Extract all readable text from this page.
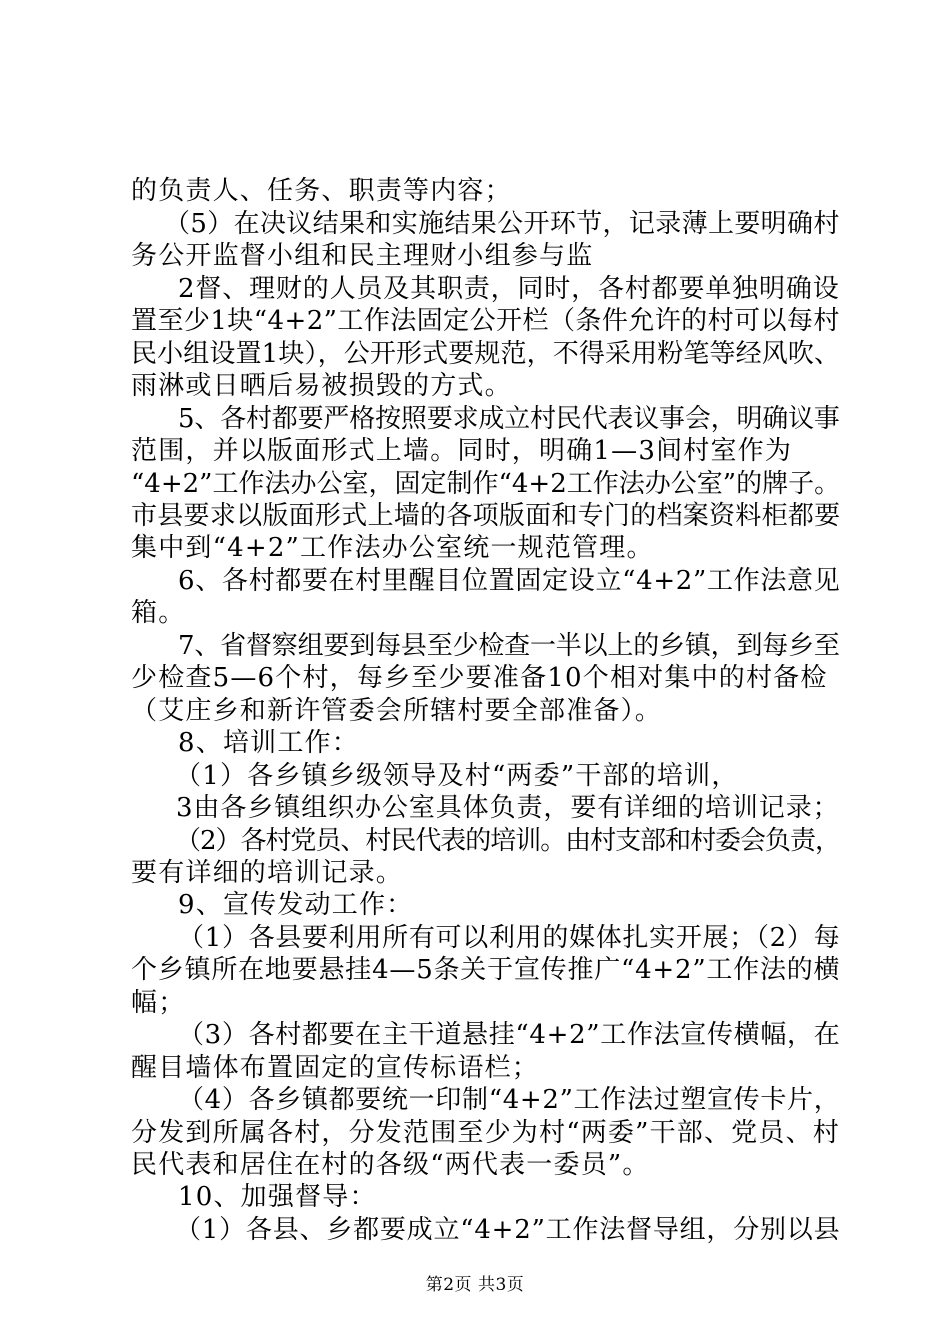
的负责人、任务、职责等内容；
（5）在决议结果和实施结果公开环节，记录薄上要明确村
务公开监督小组和民主理财小组参与监
2督、理财的人员及其职责，同时，各村都要单独明确设
置至少1块“4+2”工作法固定公开栏（条件允许的村可以每村
民小组设置1块），公开形式要规范，不得采用粉笔等经风吹、
雨淋或日晒后易被损毁的方式。
5、各村都要严格按照要求成立村民代表议事会，明确议事
范围，并以版面形式上墙。同时，明确1—3间村室作为
“4+2”工作法办公室，固定制作“4+2工作法办公室”的牌子。
市县要求以版面形式上墙的各项版面和专门的档案资料柜都要
集中到“4+2”工作法办公室统一规范管理。
6、各村都要在村里醒目位置固定设立“4+2”工作法意见
箱。
7、省督察组要到每县至少检查一半以上的乡镇，到每乡至
少检查5—6个村，每乡至少要准备10个相对集中的村备检
（艾庄乡和新许管委会所辖村要全部准备）。
8、培训工作：
（1）各乡镇乡级领导及村“两委”干部的培训，
3由各乡镇组织办公室具体负责，要有详细的培训记录；
（2）各村党员、村民代表的培训。由村支部和村委会负责，
要有详细的培训记录。
9、宣传发动工作：
（1）各县要利用所有可以利用的媒体扎实开展；（2）每
个乡镇所在地要悬挂4—5条关于宣传推广“4+2”工作法的横
幅；
（3）各村都要在主干道悬挂“4+2”工作法宣传横幅，在
醒目墙体布置固定的宣传标语栏；
（4）各乡镇都要统一印制“4+2”工作法过塑宣传卡片，
分发到所属各村，分发范围至少为村“两委”干部、党员、村
民代表和居住在村的各级“两代表一委员”。
10、加强督导：
（1）各县、乡都要成立“4+2”工作法督导组，分别以县
第2页 共3页
